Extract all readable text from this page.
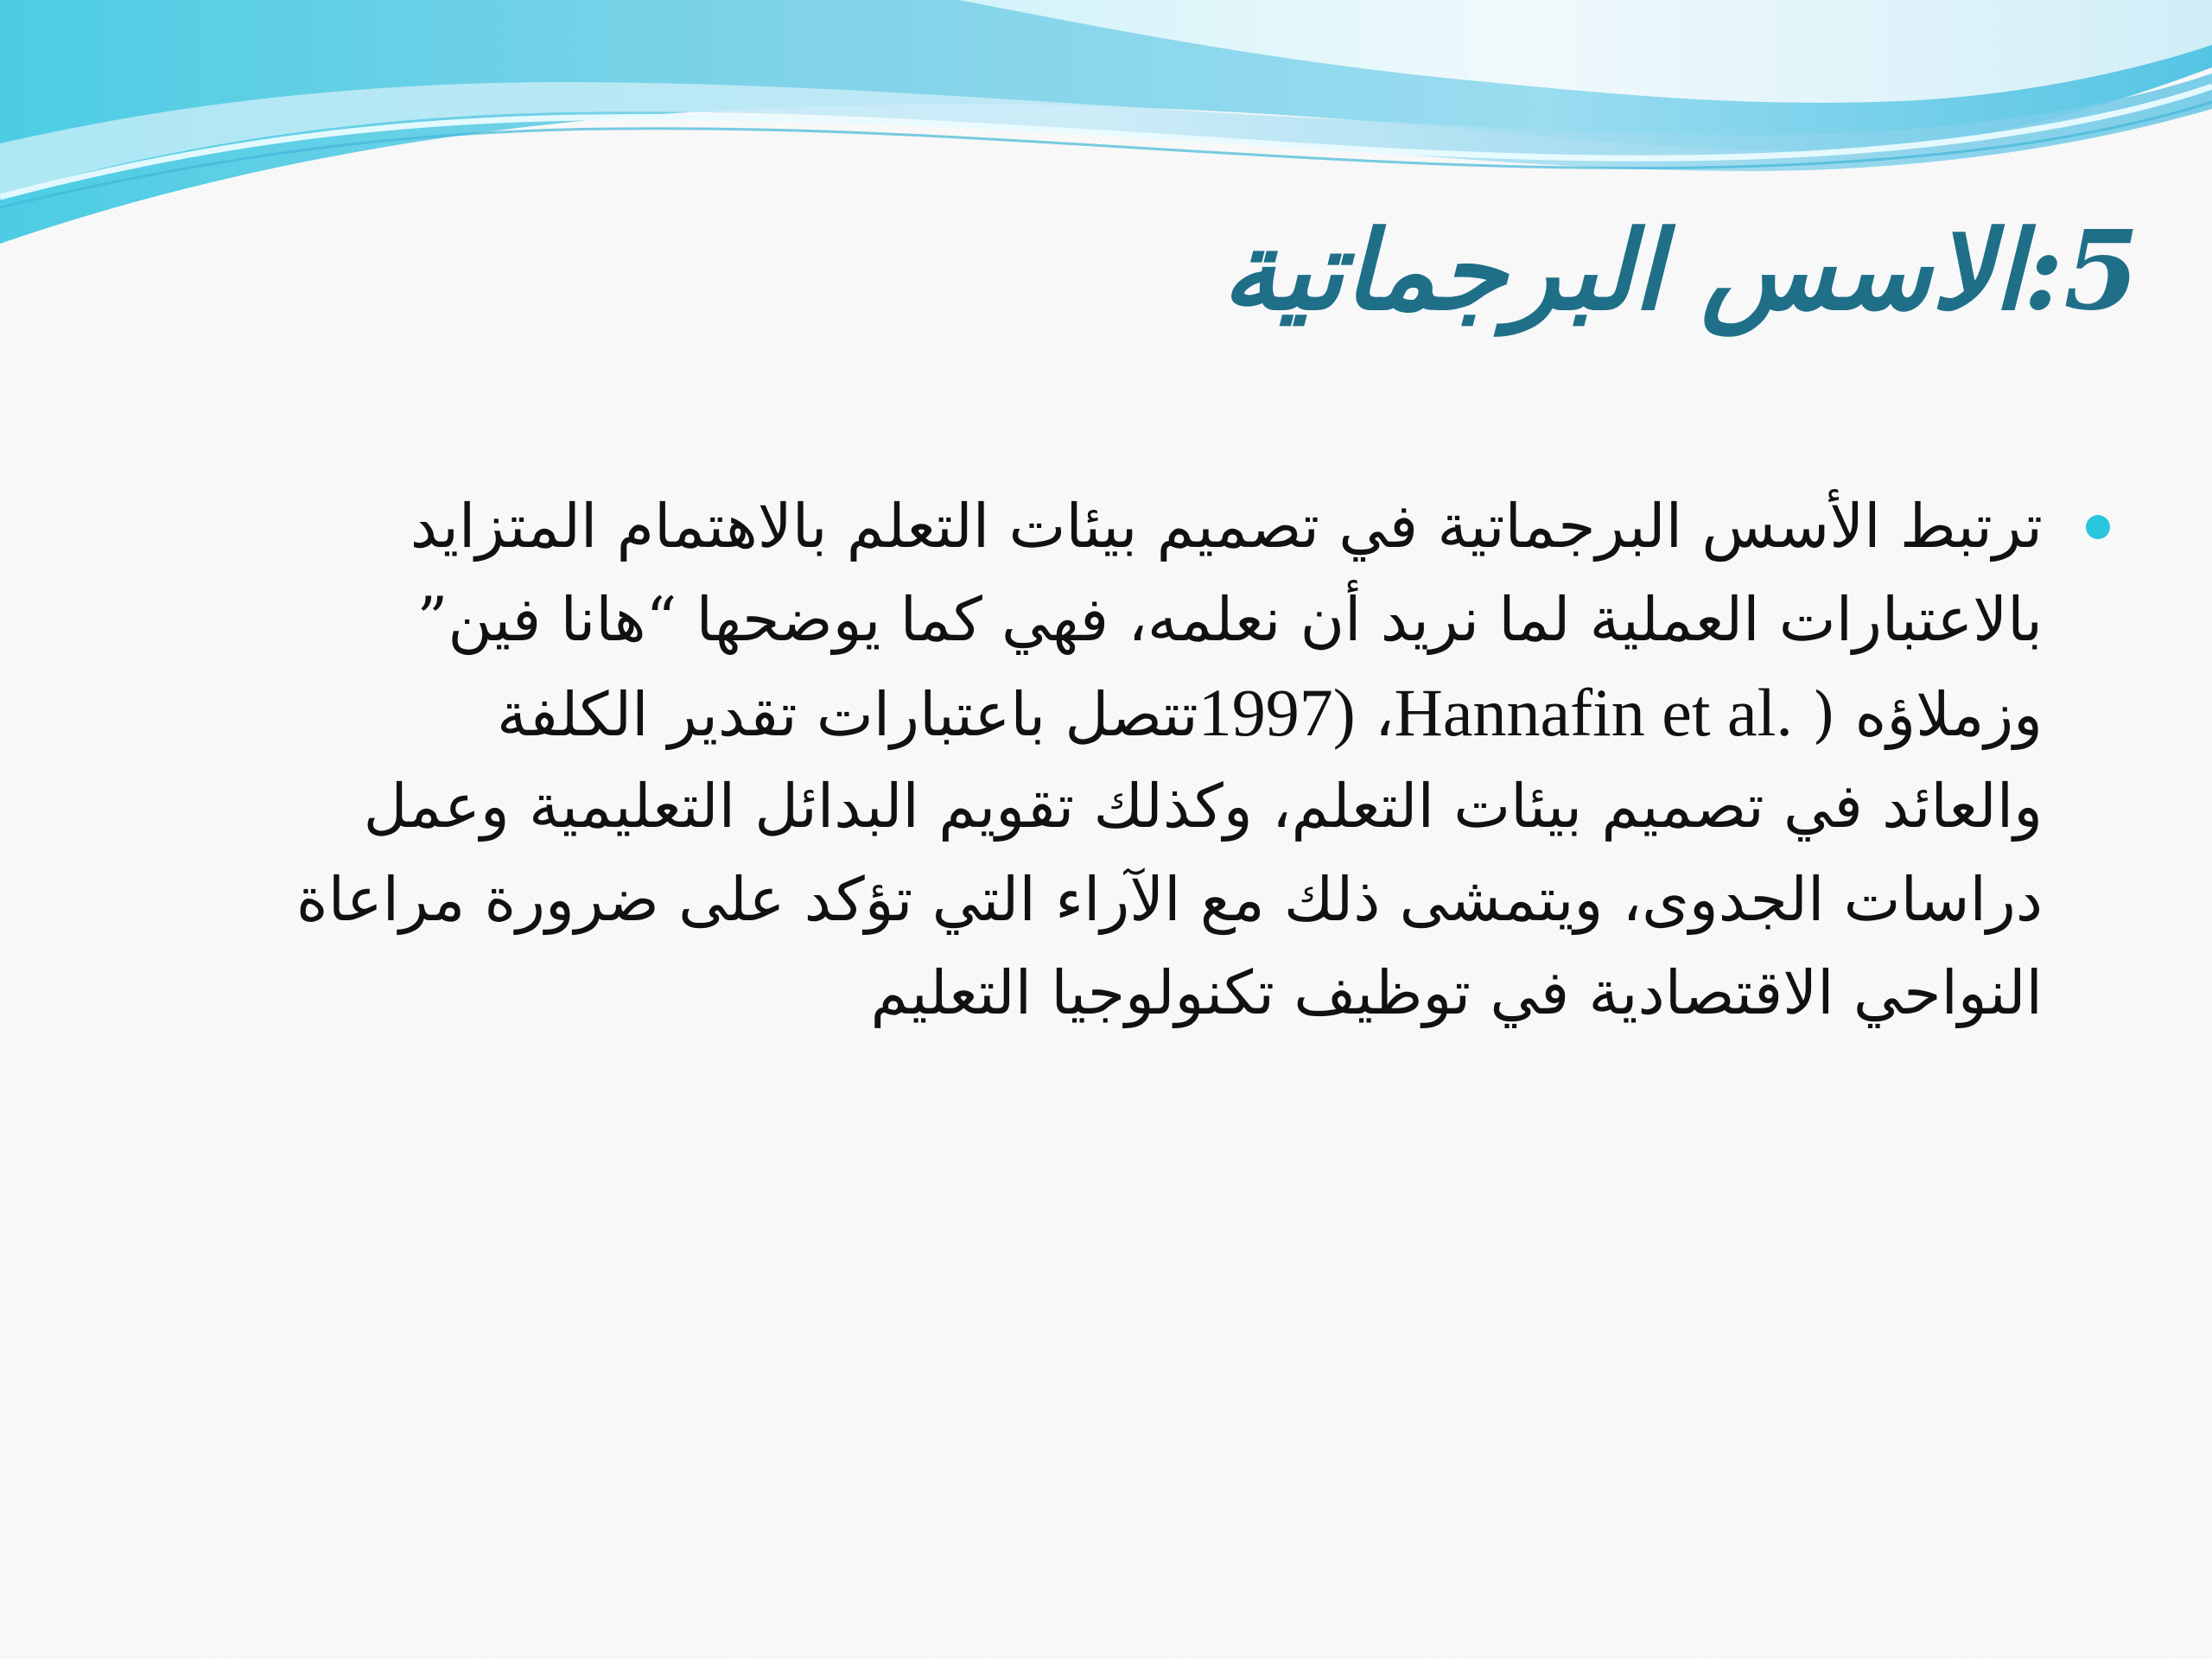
5:الاسس البرجماتية
ترتبط الأسس البرجماتية في تصميم بيئات التعلم بالاهتمام المتزايد
بالاعتبارات العملية لما نريد أن نعلمه، فهي كما يوضحها “هانا فين”
وزملاؤه ( Hannafin et al.، 1997)تتصل باعتبارات تقدير الكلفة
والعائد في تصميم بيئات التعلم، وكذلك تقويم البدائل التعليمية وعمل
دراسات الجدوى، ويتمشى ذلك مع الآراء التي تؤكد على ضرورة مراعاة
النواحي الاقتصادية في توظيف تكنولوجيا التعليم
